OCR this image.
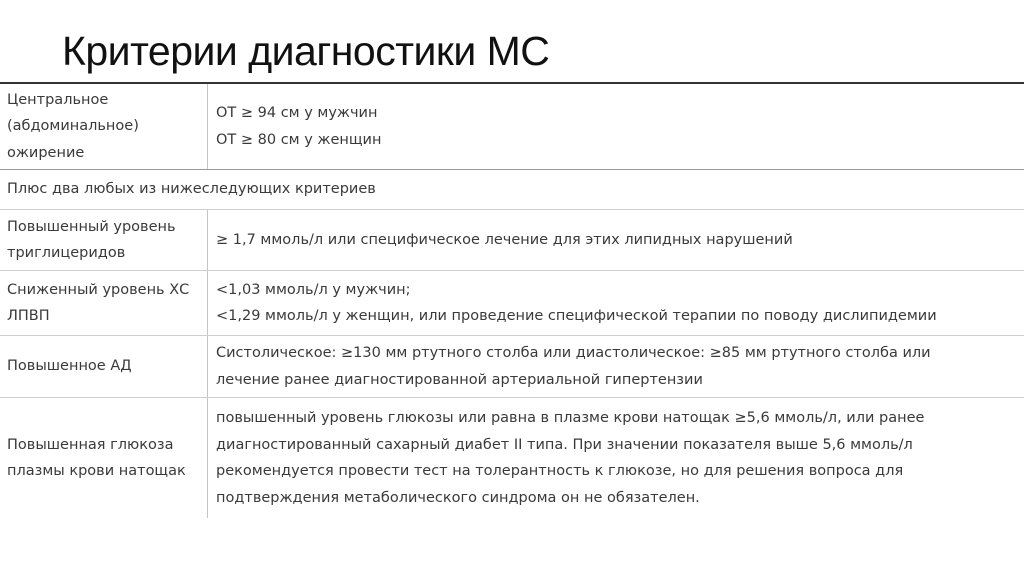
Критерии диагностики МС
Центральное
(абдоминальное)
ожирение
ОТ ≥ 94 см у мужчин
ОТ ≥ 80 см у женщин
Плюс два любых из нижеследующих критериев
Повышенный уровень
триглицеридов
≥ 1,7 ммоль/л или специфическое лечение для этих липидных нарушений
Сниженный уровень ХС
ЛПВП
<1,03 ммоль/л у мужчин;
<1,29 ммоль/л у женщин, или проведение специфической терапии по поводу дислипидемии
Повышенное АД
Систолическое: ≥130 мм ртутного столба или диастолическое: ≥85 мм ртутного столба или
лечение ранее диагностированной артериальной гипертензии
Повышенная глюкоза
плазмы крови натощак
повышенный уровень глюкозы или равна в плазме крови натощак ≥5,6 ммоль/л, или ранее
диагностированный сахарный диабет II типа. При значении показателя выше 5,6 ммоль/л
рекомендуется провести тест на толерантность к глюкозе, но для решения вопроса для
подтверждения метаболического синдрома он не обязателен.
